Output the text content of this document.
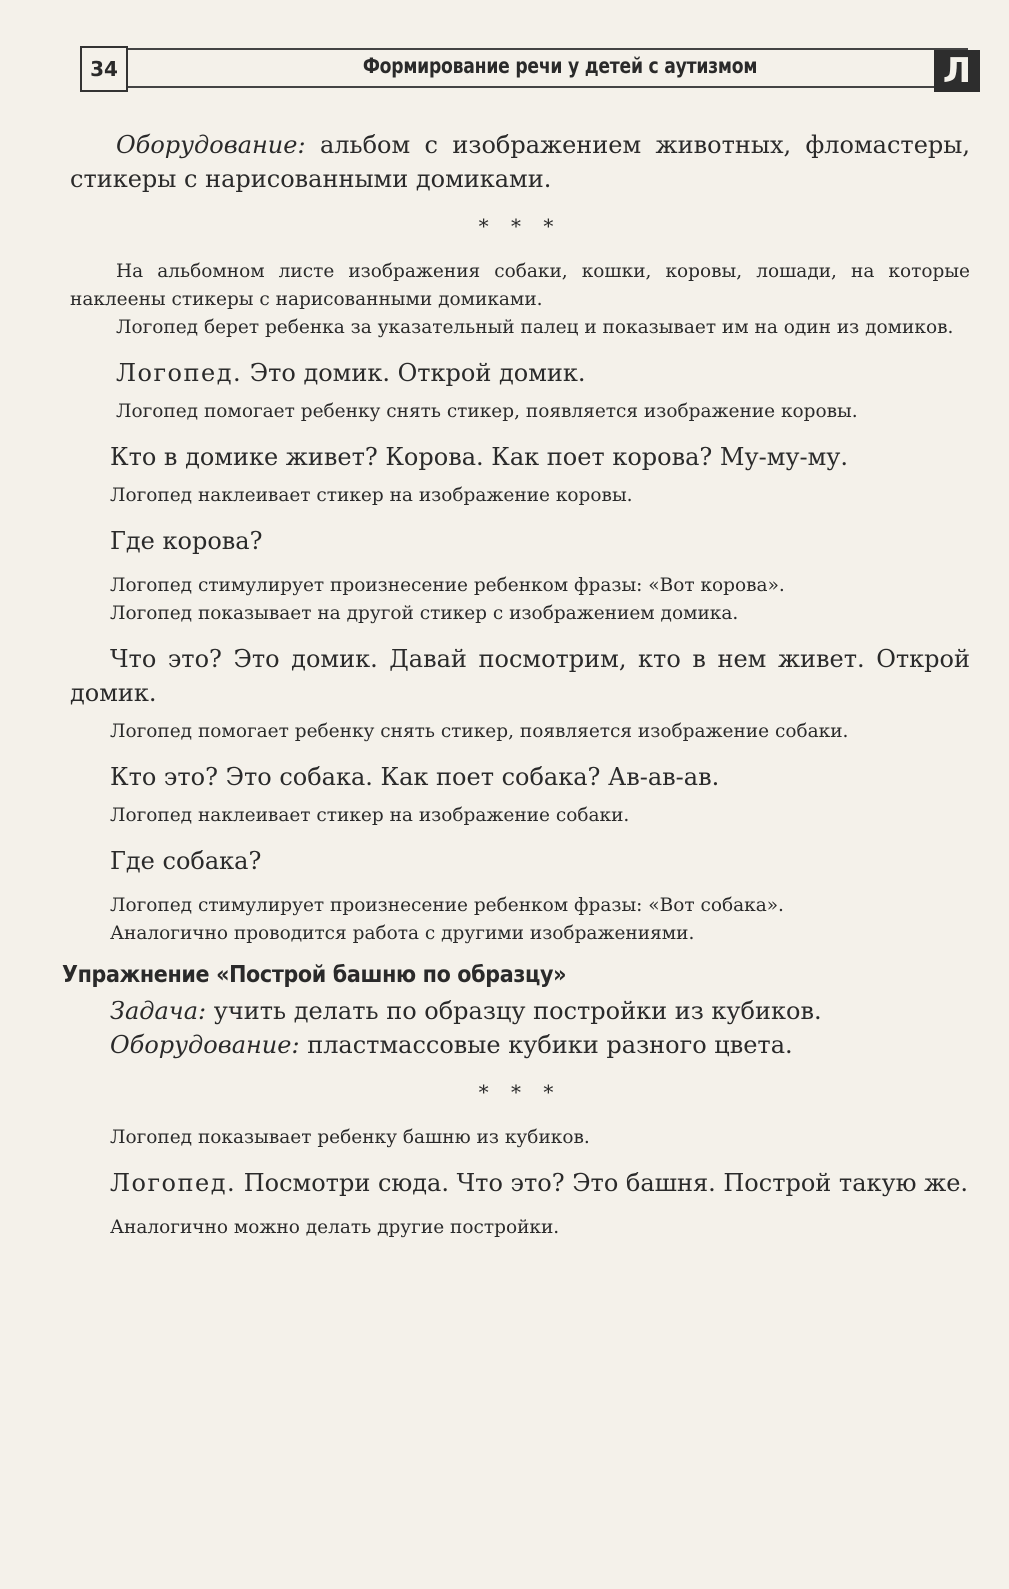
34	Формирование речи у детей с аутизмом	Л

Оборудование: альбом с изображением животных, фломастеры, стикеры с нарисованными домиками.

* * *

На альбомном листе изображения собаки, кошки, коровы, лошади, на которые наклеены стикеры с нарисованными домиками.

Логопед берет ребенка за указательный палец и показывает им на один из домиков.

Логопед. Это домик. Открой домик.

Логопед помогает ребенку снять стикер, появляется изображение коровы.

Кто в домике живет? Корова. Как поет корова? Му-му-му.

Логопед наклеивает стикер на изображение коровы.

Где корова?

Логопед стимулирует произнесение ребенком фразы: «Вот корова».

Логопед показывает на другой стикер с изображением домика.

Что это? Это домик. Давай посмотрим, кто в нем живет. Открой домик.

Логопед помогает ребенку снять стикер, появляется изображение собаки.

Кто это? Это собака. Как поет собака? Ав-ав-ав.

Логопед наклеивает стикер на изображение собаки.

Где собака?

Логопед стимулирует произнесение ребенком фразы: «Вот собака».

Аналогично проводится работа с другими изображениями.

Упражнение «Построй башню по образцу»

Задача: учить делать по образцу постройки из кубиков.

Оборудование: пластмассовые кубики разного цвета.

* * *

Логопед показывает ребенку башню из кубиков.

Логопед. Посмотри сюда. Что это? Это башня. Построй такую же.

Аналогично можно делать другие постройки.
